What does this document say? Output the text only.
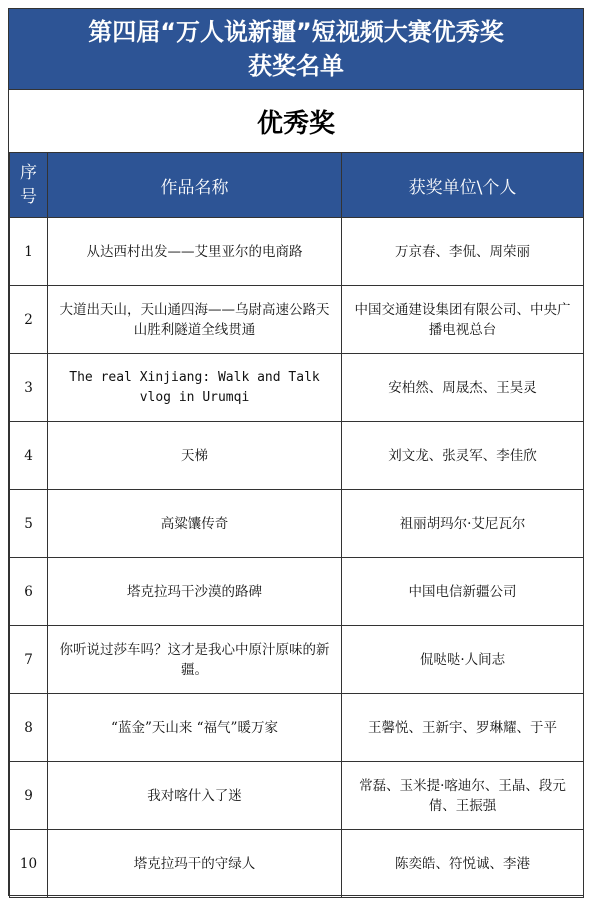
第四届“万人说新疆”短视频大赛优秀奖
获奖名单
优秀奖
序号	作品名称	获奖单位\个人
1	从达西村出发——艾里亚尔的电商路	万京春、李侃、周荣丽
2	大道出天山，天山通四海——乌尉高速公路天山胜利隧道全线贯通	中国交通建设集团有限公司、中央广播电视总台
3	The real Xinjiang: Walk and Talk vlog in Urumqi	安柏然、周晟杰、王昊灵
4	天梯	刘文龙、张灵军、李佳欣
5	高粱馕传奇	祖丽胡玛尔·艾尼瓦尔
6	塔克拉玛干沙漠的路碑	中国电信新疆公司
7	你听说过莎车吗？这才是我心中原汁原味的新疆。	侃哒哒·人间志
8	“蓝金”天山来 “福气”暖万家	王馨悦、王新宇、罗琳耀、于平
9	我对喀什入了迷	常磊、玉米提·喀迪尔、王晶、段元倩、王振强
10	塔克拉玛干的守绿人	陈奕皓、符悦诚、李港
